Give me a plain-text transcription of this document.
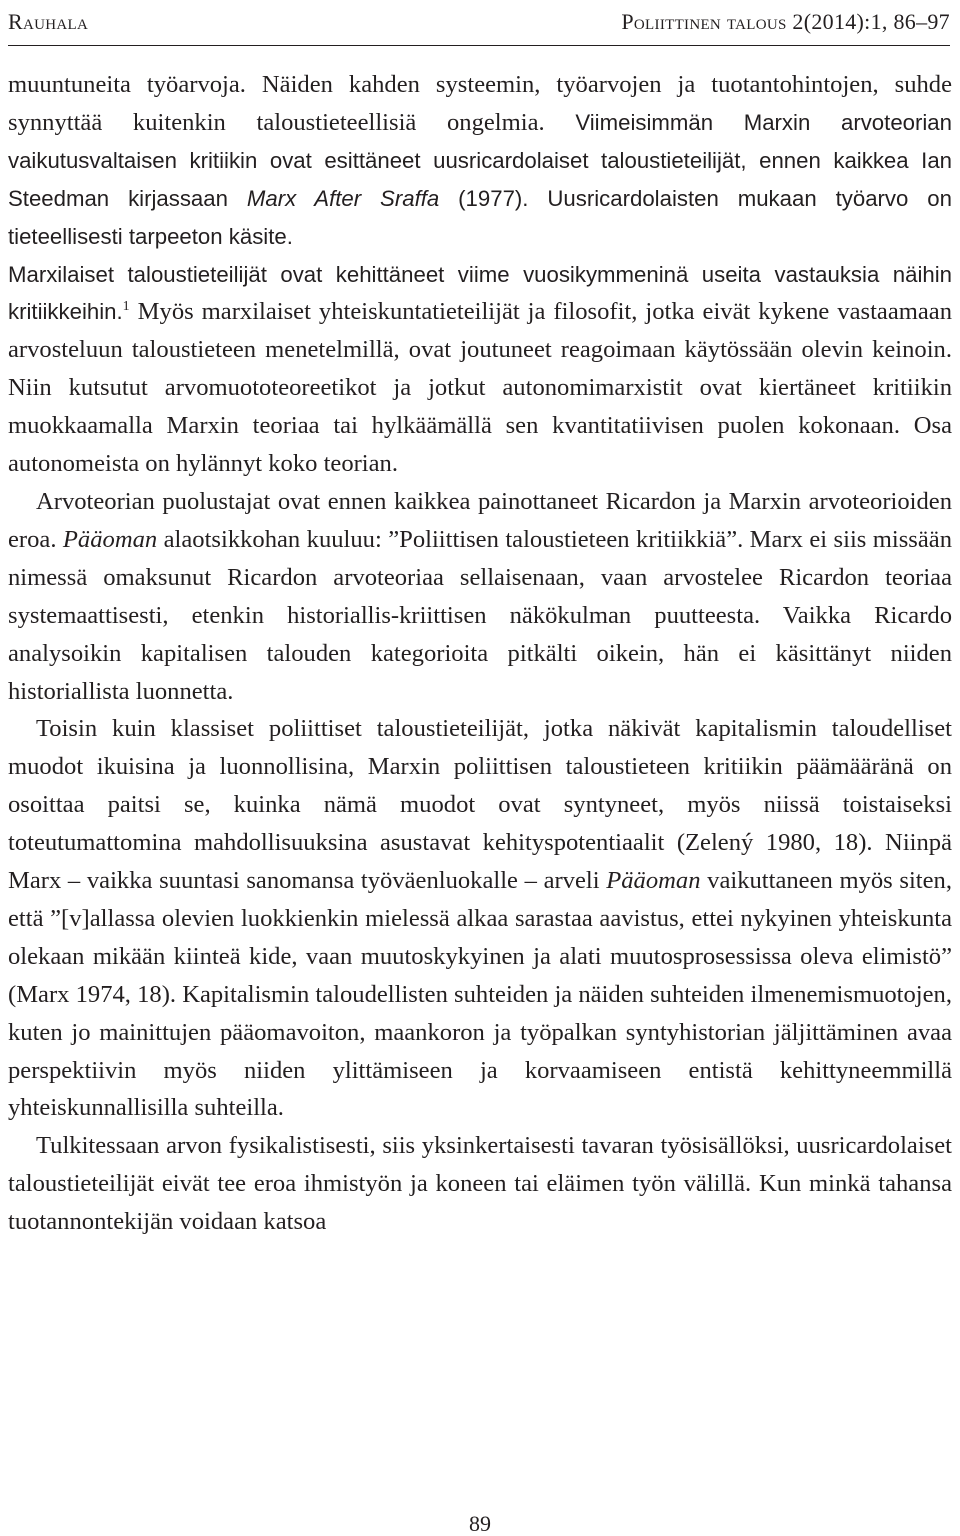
Rauhala	Poliittinen talous 2(2014):1, 86–97

muuntuneita työarvoja. Näiden kahden systeemin, työarvojen ja tuotantohintojen, suhde synnyttää kuitenkin taloustieteellisiä ongelmia. Viimeisimmän Marxin arvoteorian vaikutusvaltaisen kritiikin ovat esittäneet uusricardolaiset taloustieteilijät, ennen kaikkea Ian Steedman kirjassaan Marx After Sraffa (1977). Uusricardolaisten mukaan työarvo on tieteellisesti tarpeeton käsite.

Marxilaiset taloustieteilijät ovat kehittäneet viime vuosikymmeninä useita vastauksia näihin kritiikkeihin.$^1$ Myös marxilaiset yhteiskuntatieteilijät ja filosofit, jotka eivät kykene vastaamaan arvosteluun taloustieteen menetelmillä, ovat joutuneet reagoimaan käytössään olevin keinoin. Niin kutsutut arvomuototeoreetikot ja jotkut autonomimarxistit ovat kiertäneet kritiikin muokkaamalla Marxin teoriaa tai hylkäämällä sen kvantitatiivisen puolen kokonaan. Osa autonomeista on hylännyt koko teorian.

Arvoteorian puolustajat ovat ennen kaikkea painottaneet Ricardon ja Marxin arvoteorioiden eroa. Pääoman alaotsikkohan kuuluu: ”Poliittisen taloustieteen kritiikkiä”. Marx ei siis missään nimessä omaksunut Ricardon arvoteoriaa sellaisenaan, vaan arvostelee Ricardon teoriaa systemaattisesti, etenkin historiallis-kriittisen näkökulman puutteesta. Vaikka Ricardo analysoikin kapitalisen talouden kategorioita pitkälti oikein, hän ei käsittänyt niiden historiallista luonnetta.

Toisin kuin klassiset poliittiset taloustieteilijät, jotka näkivät kapitalismin taloudelliset muodot ikuisina ja luonnollisina, Marxin poliittisen taloustieteen kritiikin päämääränä on osoittaa paitsi se, kuinka nämä muodot ovat syntyneet, myös niissä toistaiseksi toteutumattomina mahdollisuuksina asustavat kehityspotentiaalit (Zelený 1980, 18). Niinpä Marx – vaikka suuntasi sanomansa työväenluokalle – arveli Pääoman vaikuttaneen myös siten, että ”[v]allassa olevien luokkienkin mielessä alkaa sarastaa aavistus, ettei nykyinen yhteiskunta olekaan mikään kiinteä kide, vaan muutoskykyinen ja alati muutosprosessissa oleva elimistö” (Marx 1974, 18). Kapitalismin taloudellisten suhteiden ja näiden suhteiden ilmenemismuotojen, kuten jo mainittujen pääomavoiton, maankoron ja työpalkan syntyhistorian jäljittäminen avaa perspektiivin myös niiden ylittämiseen ja korvaamiseen entistä kehittyneemmillä yhteiskunnallisilla suhteilla.

Tulkitessaan arvon fysikalistisesti, siis yksinkertaisesti tavaran työsisällöksi, uusricardolaiset taloustieteilijät eivät tee eroa ihmistyön ja koneen tai eläimen työn välillä. Kun minkä tahansa tuotannontekijän voidaan katsoa

89
